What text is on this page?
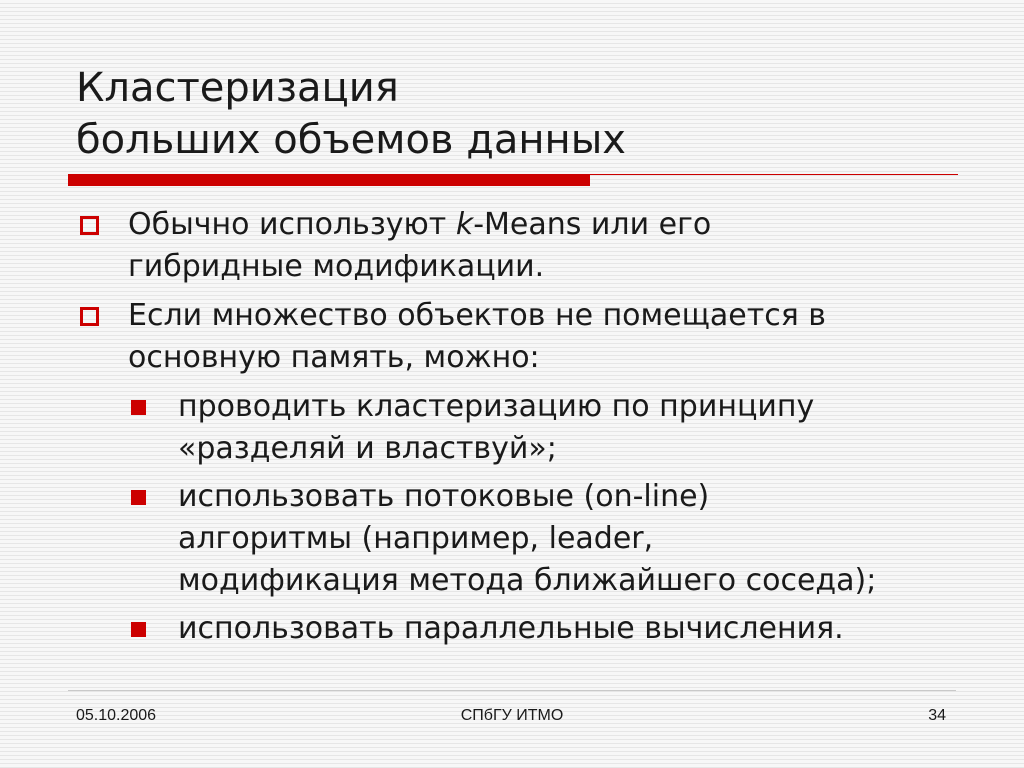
Кластеризация
больших объемов данных
Обычно используют k-Means или его
гибридные модификации.
Если множество объектов не помещается в
основную память, можно:
проводить кластеризацию по принципу
«разделяй и властвуй»;
использовать потоковые (on-line)
алгоритмы (например, leader,
модификация метода ближайшего соседа);
использовать параллельные вычисления.
05.10.2006	СПбГУ ИТМО	34
